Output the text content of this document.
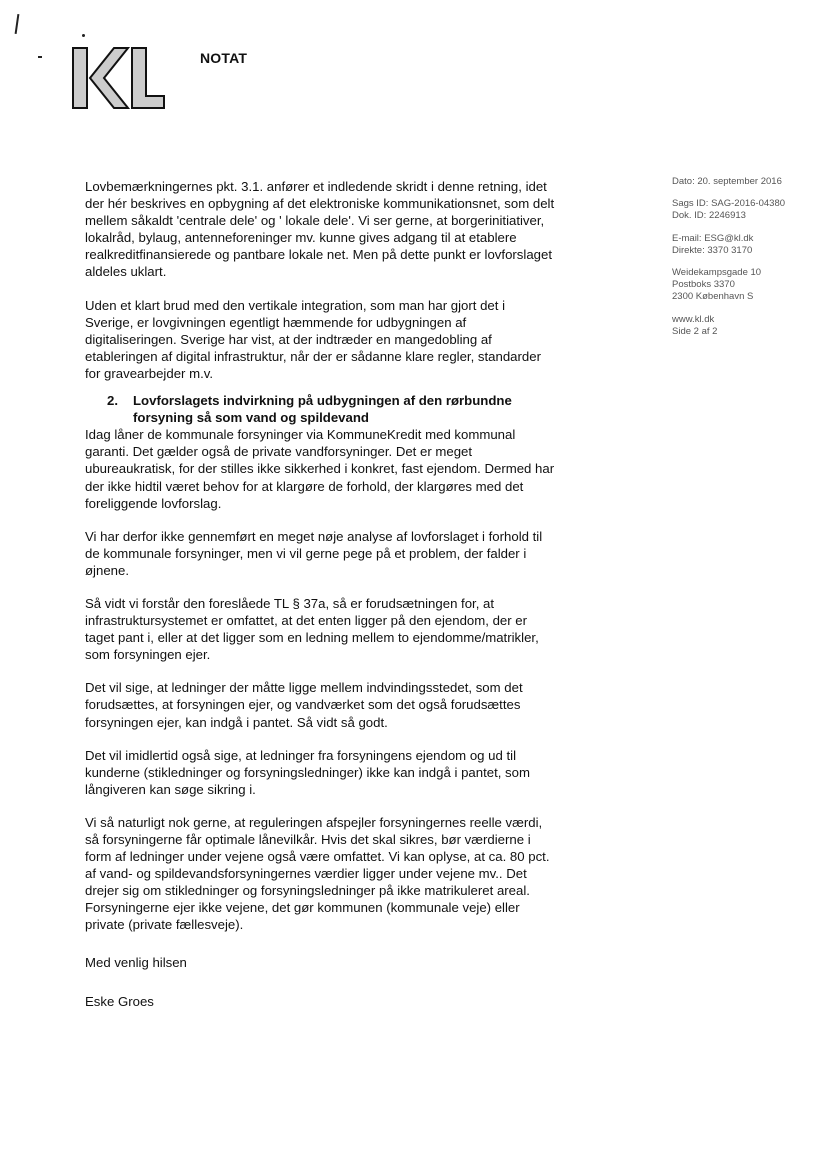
NOTAT
Dato: 20. september 2016
Sags ID: SAG-2016-04380
Dok. ID: 2246913
E-mail: ESG@kl.dk
Direkte: 3370 3170
Weidekampsgade 10
Postboks 3370
2300 København S
www.kl.dk
Side 2 af 2

Lovbemærkningernes pkt. 3.1. anfører et indledende skridt i denne retning, idet der hér beskrives en opbygning af det elektroniske kommunikationsnet, som delt mellem såkaldt 'centrale dele' og ' lokale dele'. Vi ser gerne, at borgerinitiativer, lokalråd, bylaug, antenneforeninger mv. kunne gives adgang til at etablere realkreditfinansierede og pantbare lokale net. Men på dette punkt er lovforslaget aldeles uklart.

Uden et klart brud med den vertikale integration, som man har gjort det i Sverige, er lovgivningen egentligt hæmmende for udbygningen af digitaliseringen. Sverige har vist, at der indtræder en mangedobling af etableringen af digital infrastruktur, når der er sådanne klare regler, standarder for gravearbejder m.v.

2.	Lovforslagets indvirkning på udbygningen af den rørbundne forsyning så som vand og spildevand

Idag låner de kommunale forsyninger via KommuneKredit med kommunal garanti. Det gælder også de private vandforsyninger. Det er meget ubureaukratisk, for der stilles ikke sikkerhed i konkret, fast ejendom. Dermed har der ikke hidtil været behov for at klargøre de forhold, der klargøres med det foreliggende lovforslag.

Vi har derfor ikke gennemført en meget nøje analyse af lovforslaget i forhold til de kommunale forsyninger, men vi vil gerne pege på et problem, der falder i øjnene.

Så vidt vi forstår den foreslåede TL § 37a, så er forudsætningen for, at infrastruktursystemet er omfattet, at det enten ligger på den ejendom, der er taget pant i, eller at det ligger som en ledning mellem to ejendomme/matrikler, som forsyningen ejer.

Det vil sige, at ledninger der måtte ligge mellem indvindingsstedet, som det forudsættes, at forsyningen ejer, og vandværket som det også forudsættes forsyningen ejer, kan indgå i pantet. Så vidt så godt.

Det vil imidlertid også sige, at ledninger fra forsyningens ejendom og ud til kunderne (stikledninger og forsyningsledninger) ikke kan indgå i pantet, som långiveren kan søge sikring i.

Vi så naturligt nok gerne, at reguleringen afspejler forsyningernes reelle værdi, så forsyningerne får optimale lånevilkår. Hvis det skal sikres, bør værdierne i form af ledninger under vejene også være omfattet. Vi kan oplyse, at ca. 80 pct. af vand- og spildevandsforsyningernes værdier ligger under vejene mv.. Det drejer sig om stikledninger og forsyningsledninger på ikke matrikuleret areal. Forsyningerne ejer ikke vejene, det gør kommunen (kommunale veje) eller private (private fællesveje).

Med venlig hilsen

Eske Groes
